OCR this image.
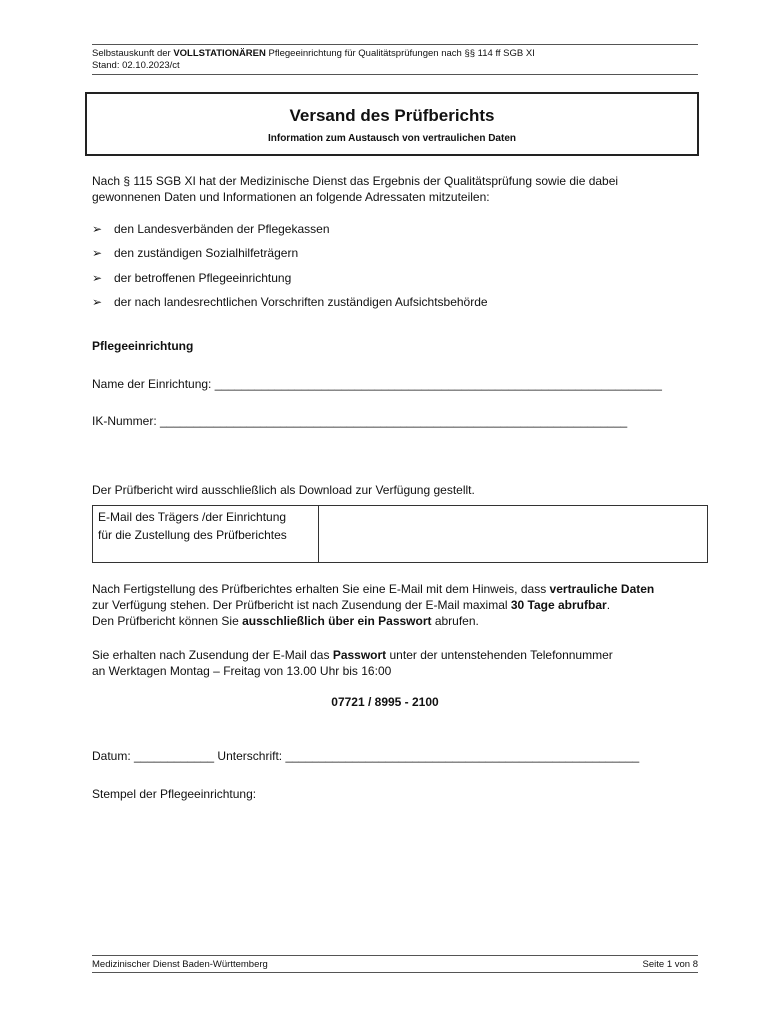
Selbstauskunft der VOLLSTATIONÄREN Pflegeeinrichtung für Qualitätsprüfungen nach §§ 114 ff SGB XI
Stand: 02.10.2023/ct
Versand des Prüfberichts
Information zum Austausch von vertraulichen Daten
Nach § 115 SGB XI hat der Medizinische Dienst das Ergebnis der Qualitätsprüfung sowie die dabei
gewonnenen Daten und Informationen an folgende Adressaten mitzuteilen:
➢ den Landesverbänden der Pflegekassen
➢ den zuständigen Sozialhilfeträgern
➢ der betroffenen Pflegeeinrichtung
➢ der nach landesrechtlichen Vorschriften zuständigen Aufsichtsbehörde
Pflegeeinrichtung
Name der Einrichtung: ___________________________________________________________________
IK-Nummer: ______________________________________________________________________
Der Prüfbericht wird ausschließlich als Download zur Verfügung gestellt.
E-Mail des Trägers /der Einrichtung
für die Zustellung des Prüfberichtes
Nach Fertigstellung des Prüfberichtes erhalten Sie eine E-Mail mit dem Hinweis, dass vertrauliche Daten
zur Verfügung stehen. Der Prüfbericht ist nach Zusendung der E-Mail maximal 30 Tage abrufbar.
Den Prüfbericht können Sie ausschließlich über ein Passwort abrufen.
Sie erhalten nach Zusendung der E-Mail das Passwort unter der untenstehenden Telefonnummer
an Werktagen Montag – Freitag von 13.00 Uhr bis 16:00
07721 / 8995 - 2100
Datum: ____________ Unterschrift: _____________________________________________________
Stempel der Pflegeeinrichtung:
Medizinischer Dienst Baden-Württemberg	Seite 1 von 8
